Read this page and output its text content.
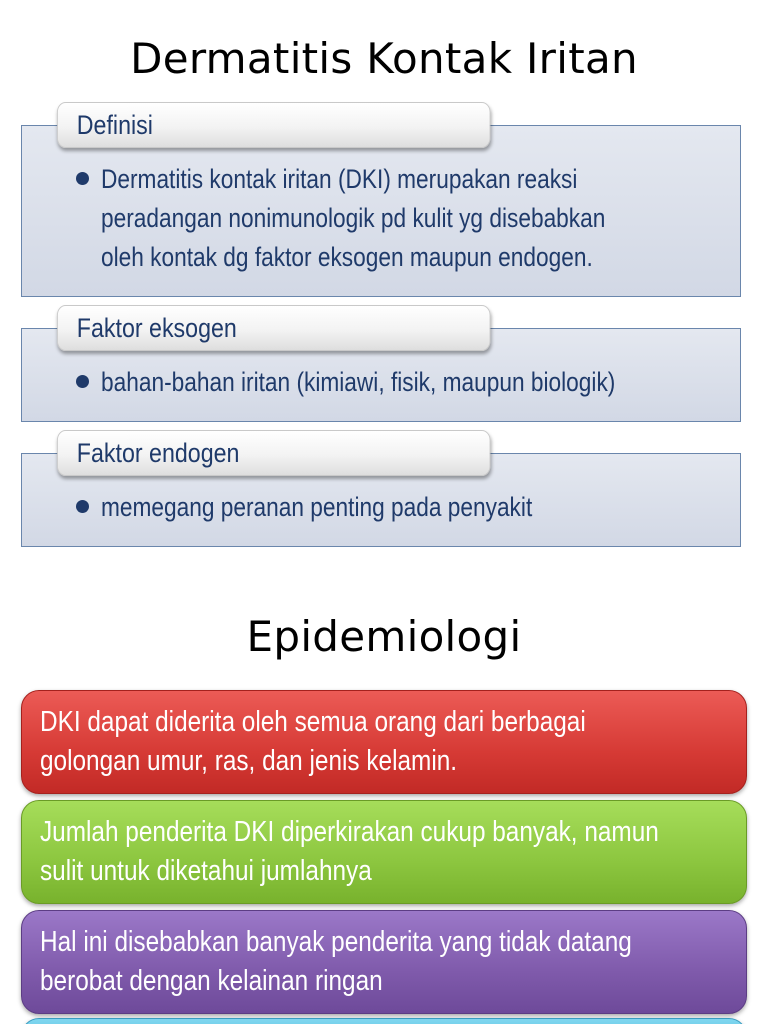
Dermatitis Kontak Iritan
Definisi
Dermatitis kontak iritan (DKI) merupakan reaksi
peradangan nonimunologik pd kulit yg disebabkan
oleh kontak dg faktor eksogen maupun endogen.
Faktor eksogen
bahan-bahan iritan (kimiawi, fisik, maupun biologik)
Faktor endogen
memegang peranan penting pada penyakit
Epidemiologi
DKI dapat diderita oleh semua orang dari berbagai
golongan umur, ras, dan jenis kelamin.
Jumlah penderita DKI diperkirakan cukup banyak, namun
sulit untuk diketahui jumlahnya
Hal ini disebabkan banyak penderita yang tidak datang
berobat dengan kelainan ringan
